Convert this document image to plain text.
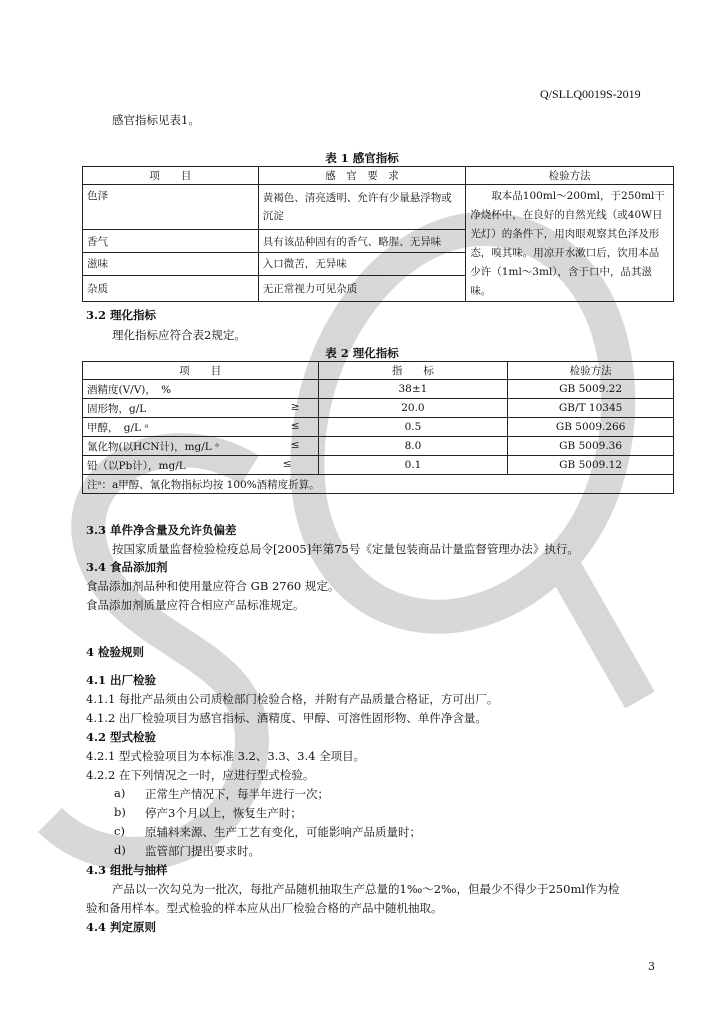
Q/SLLQ0019S-2019
感官指标见表1。
表 1 感官指标
项　　目	感　官　要　求	检验方法
色泽	黄褐色、清亮透明、允许有少量悬浮物或沉淀	取本品100ml～200ml，于250ml干净烧杯中，在良好的自然光线（或40W日光灯）的条件下，用肉眼观察其色泽及形态，嗅其味。用凉开水漱口后，饮用本品少许（1ml～3ml），含于口中，品其滋味。
香气	具有该品种固有的香气、略腥、无异味	
滋味	入口微苦，无异味	
杂质	无正常视力可见杂质	
3.2 理化指标
理化指标应符合表2规定。
表 2 理化指标
项　　目	指　　标	检验方法

酒精度(V/V)，　%	38±1	GB 5009.22

固形物，g/L ≥	20.0	GB/T 10345

甲醇，　g/L ᵃ ≤	0.5	GB 5009.266

氰化物(以HCN计)，mg/L ᵃ ≤	8.0	GB 5009.36

铅（以Pb计），mg/L ≤	0.1	GB 5009.12
注ᵃ：a甲醇、氰化物指标均按 100%酒精度折算。		
3.3 单件净含量及允许负偏差
按国家质量监督检验检疫总局令[2005]年第75号《定量包装商品计量监督管理办法》执行。
3.4 食品添加剂
食品添加剂品种和使用量应符合 GB 2760 规定。
食品添加剂质量应符合相应产品标准规定。
4 检验规则
4.1 出厂检验
4.1.1 每批产品须由公司质检部门检验合格，并附有产品质量合格证，方可出厂。
4.1.2 出厂检验项目为感官指标、酒精度、甲醇、可溶性固形物、单件净含量。
4.2 型式检验
4.2.1 型式检验项目为本标准 3.2、3.3、3.4 全项目。
4.2.2 在下列情况之一时，应进行型式检验。
a) 正常生产情况下，每半年进行一次；
b) 停产3个月以上，恢复生产时；
c) 原辅料来源、生产工艺有变化，可能影响产品质量时；
d) 监管部门提出要求时。
4.3 组批与抽样
产品以一次勾兑为一批次，每批产品随机抽取生产总量的1‰～2‰，但最少不得少于250ml作为检
验和备用样本。型式检验的样本应从出厂检验合格的产品中随机抽取。
4.4 判定原则
3
